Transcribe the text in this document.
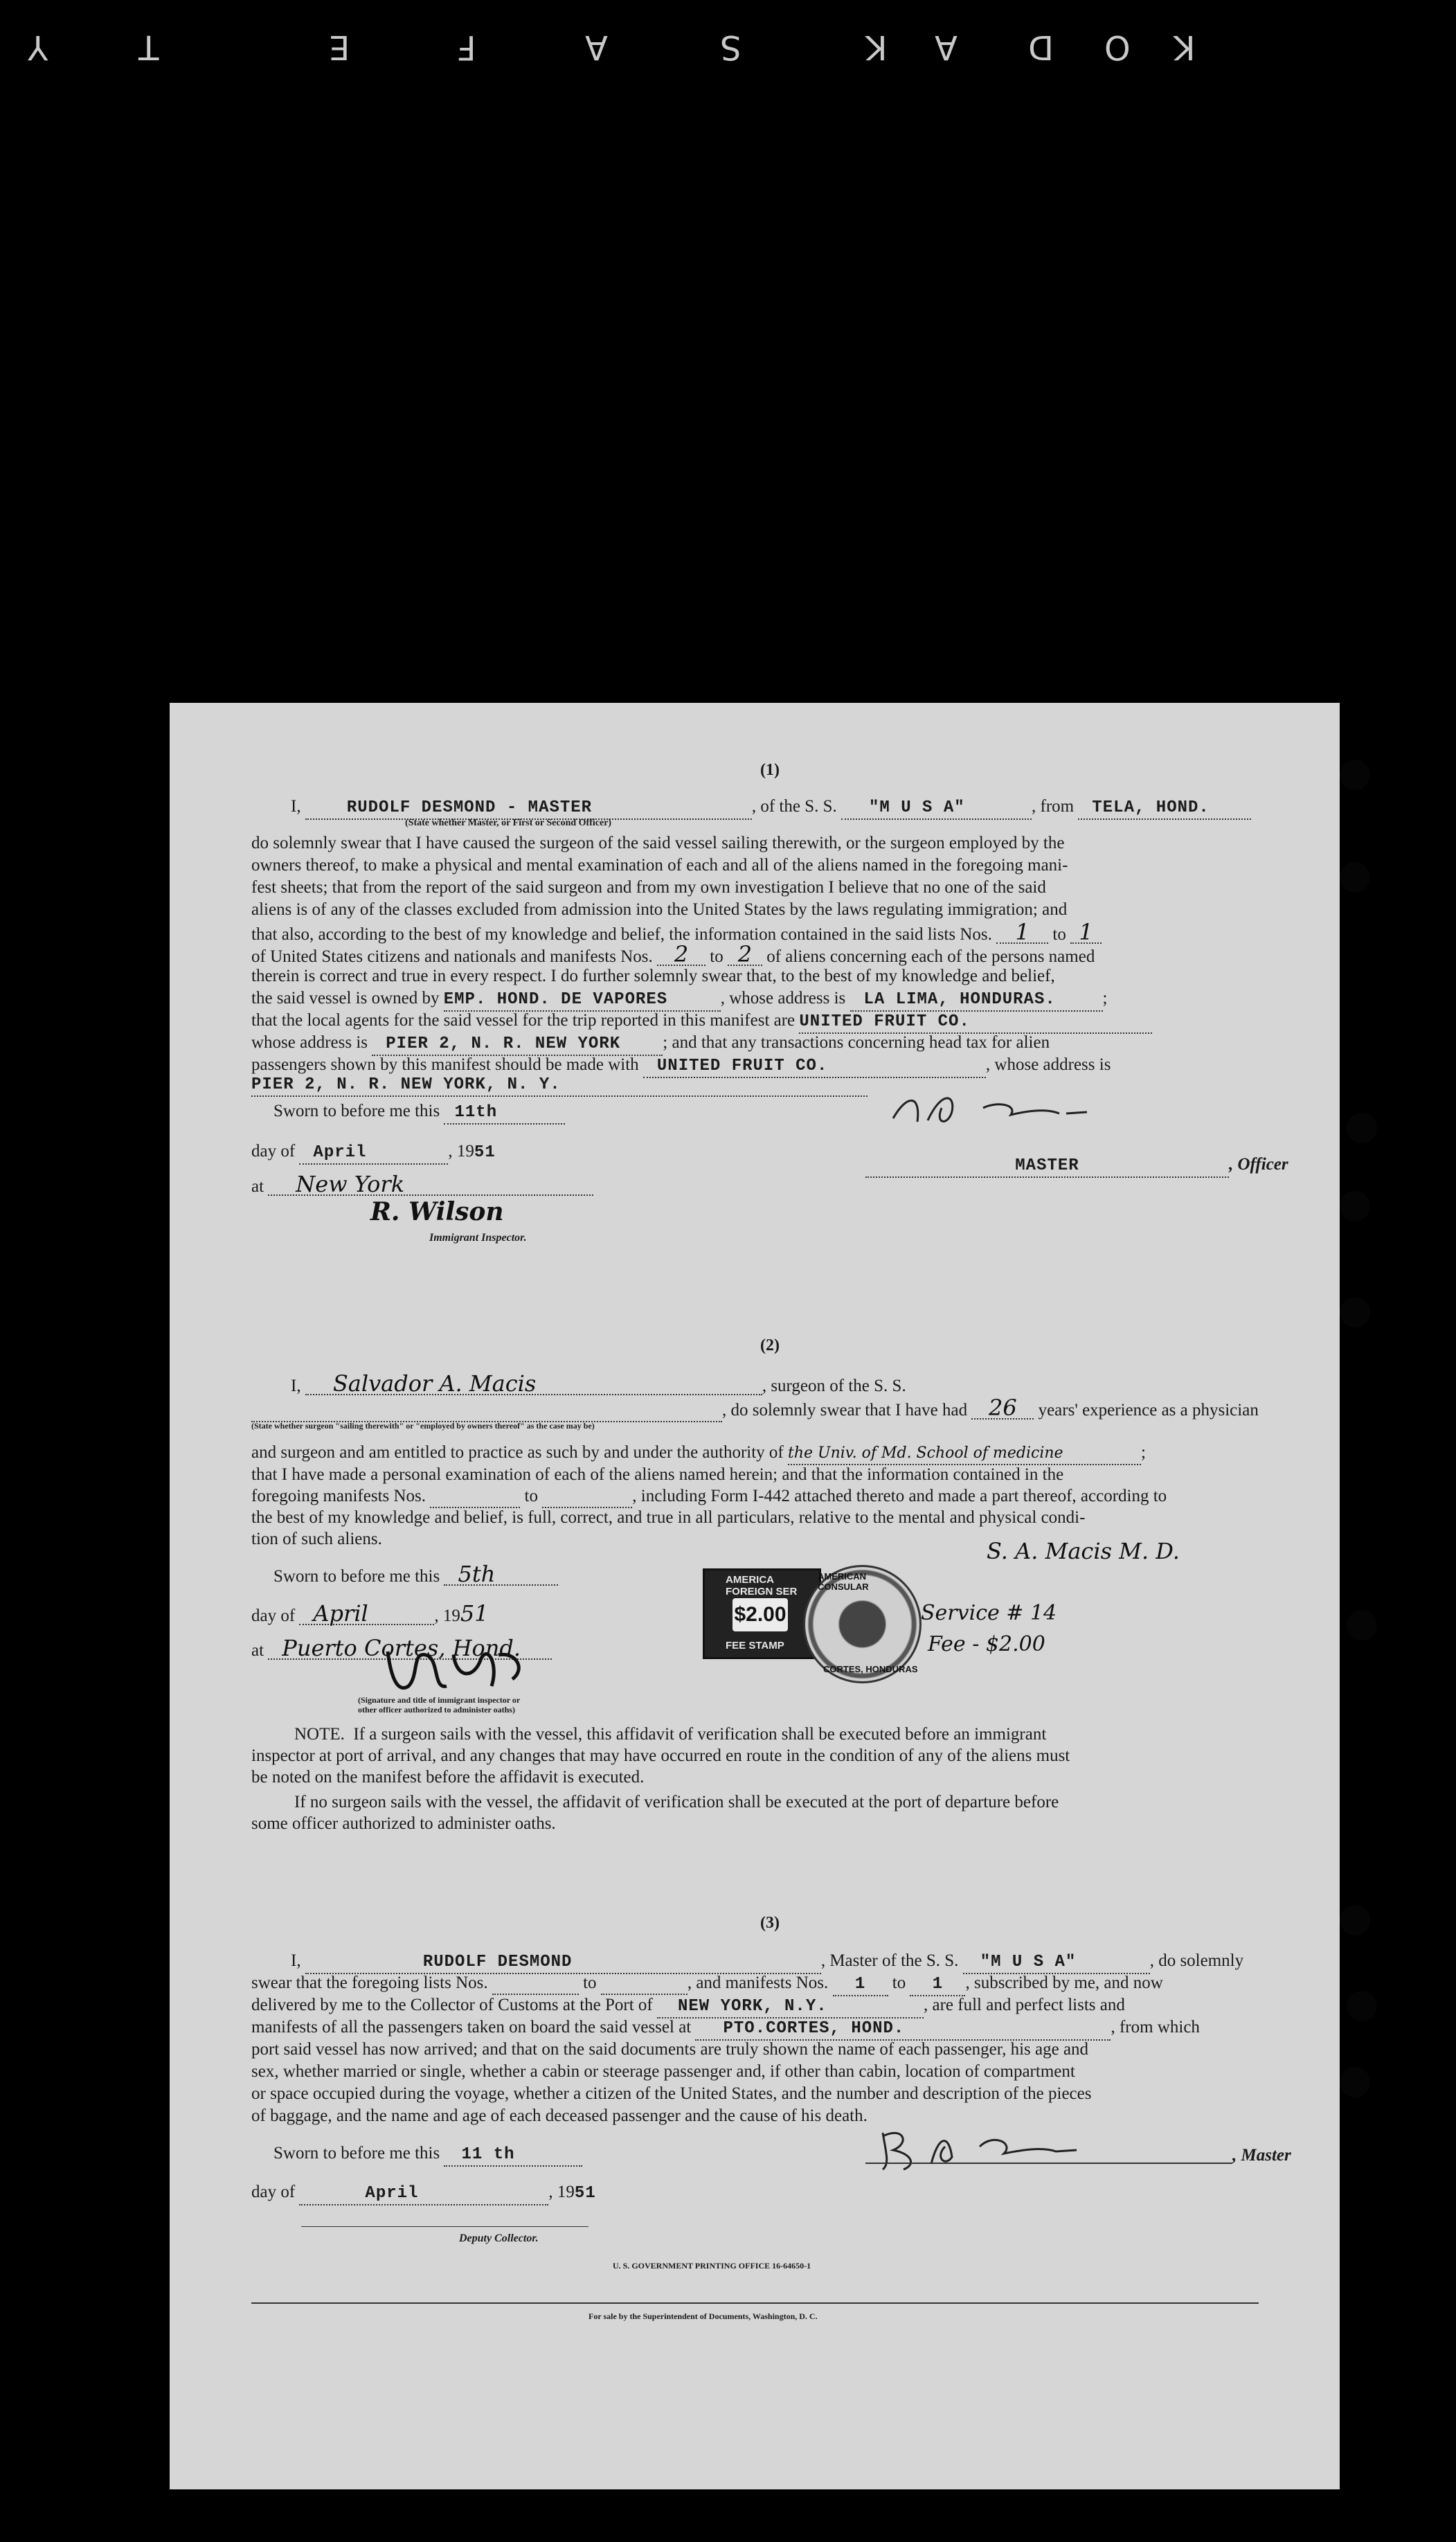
Y	T	E	F	A	S	K A D O K
(1)
I,	RUDOLF DESMOND - MASTER	, of the S. S. "M U S A"	, from TELA, HOND.
(State whether Master, or First or Second Officer)
do solemnly swear that I have caused the surgeon of the said vessel sailing therewith, or the surgeon employed by the
owners thereof, to make a physical and mental examination of each and all of the aliens named in the foregoing mani-
fest sheets; that from the report of the said surgeon and from my own investigation I believe that no one of the said
aliens is of any of the classes excluded from admission into the United States by the laws regulating immigration; and
that also, according to the best of my knowledge and belief, the information contained in the said lists Nos. 1 to 1
of United States citizens and nationals and manifests Nos. 2 to 2 of aliens concerning each of the persons named
therein is correct and true in every respect. I do further solemnly swear that, to the best of my knowledge and belief,
the said vessel is owned by EMP. HOND. DE VAPORES	, whose address is LA LIMA, HONDURAS.	;
that the local agents for the said vessel for the trip reported in this manifest are UNITED FRUIT CO.
whose address is PIER 2, N. R. NEW YORK ; and that any transactions concerning head tax for alien
passengers shown by this manifest should be made with UNITED FRUIT CO.	, whose address is
PIER 2, N. R. NEW YORK, N. Y.
Sworn to before me this 11th
day of April	, 1951
MASTER	, Officer
at New York
R. Wilson
Immigrant Inspector.
(2)
I, Salvador A. Macis	, surgeon of the S. S.
, do solemnly swear that I have had 26 years' experience as a physician
(State whether surgeon "sailing therewith" or "employed by owners thereof" as the case may be)
and surgeon and am entitled to practice as such by and under the authority of the Univ. of Md. School of medicine	;
that I have made a personal examination of each of the aliens named herein; and that the information contained in the
foregoing manifests Nos.	to	, including Form I-442 attached thereto and made a part thereof, according to
the best of my knowledge and belief, is full, correct, and true in all particulars, relative to the mental and physical condi-
tion of such aliens.	S. A. Macis M. D.
Sworn to before me this 5th
day of April	, 1951
at Puerto Cortes, Hond.
AMERICA
FOREIGN SER
$2.00
FEE STAMP
AMERICAN CONSULAR
CORTES, HONDURAS
Service # 14
Fee - $2.00
(Signature and title of immigrant inspector or
other officer authorized to administer oaths)
NOTE. If a surgeon sails with the vessel, this affidavit of verification shall be executed before an immigrant
inspector at port of arrival, and any changes that may have occurred en route in the condition of any of the aliens must
be noted on the manifest before the affidavit is executed.
If no surgeon sails with the vessel, the affidavit of verification shall be executed at the port of departure before
some officer authorized to administer oaths.
(3)
I,	RUDOLF DESMOND	, Master of the S. S. "M U S A"	, do solemnly
swear that the foregoing lists Nos.	to	, and manifests Nos. 1 to 1 , subscribed by me, and now
delivered by me to the Collector of Customs at the Port of NEW YORK, N.Y.	, are full and perfect lists and
manifests of all the passengers taken on board the said vessel at PTO.CORTES, HOND.	, from which
port said vessel has now arrived; and that on the said documents are truly shown the name of each passenger, his age and
sex, whether married or single, whether a cabin or steerage passenger and, if other than cabin, location of compartment
or space occupied during the voyage, whether a citizen of the United States, and the number and description of the pieces
of baggage, and the name and age of each deceased passenger and the cause of his death.
Sworn to before me this 11 th	, Master
day of	April	, 1951
Deputy Collector.
U. S. GOVERNMENT PRINTING OFFICE 16-64650-1
For sale by the Superintendent of Documents, Washington, D. C.
